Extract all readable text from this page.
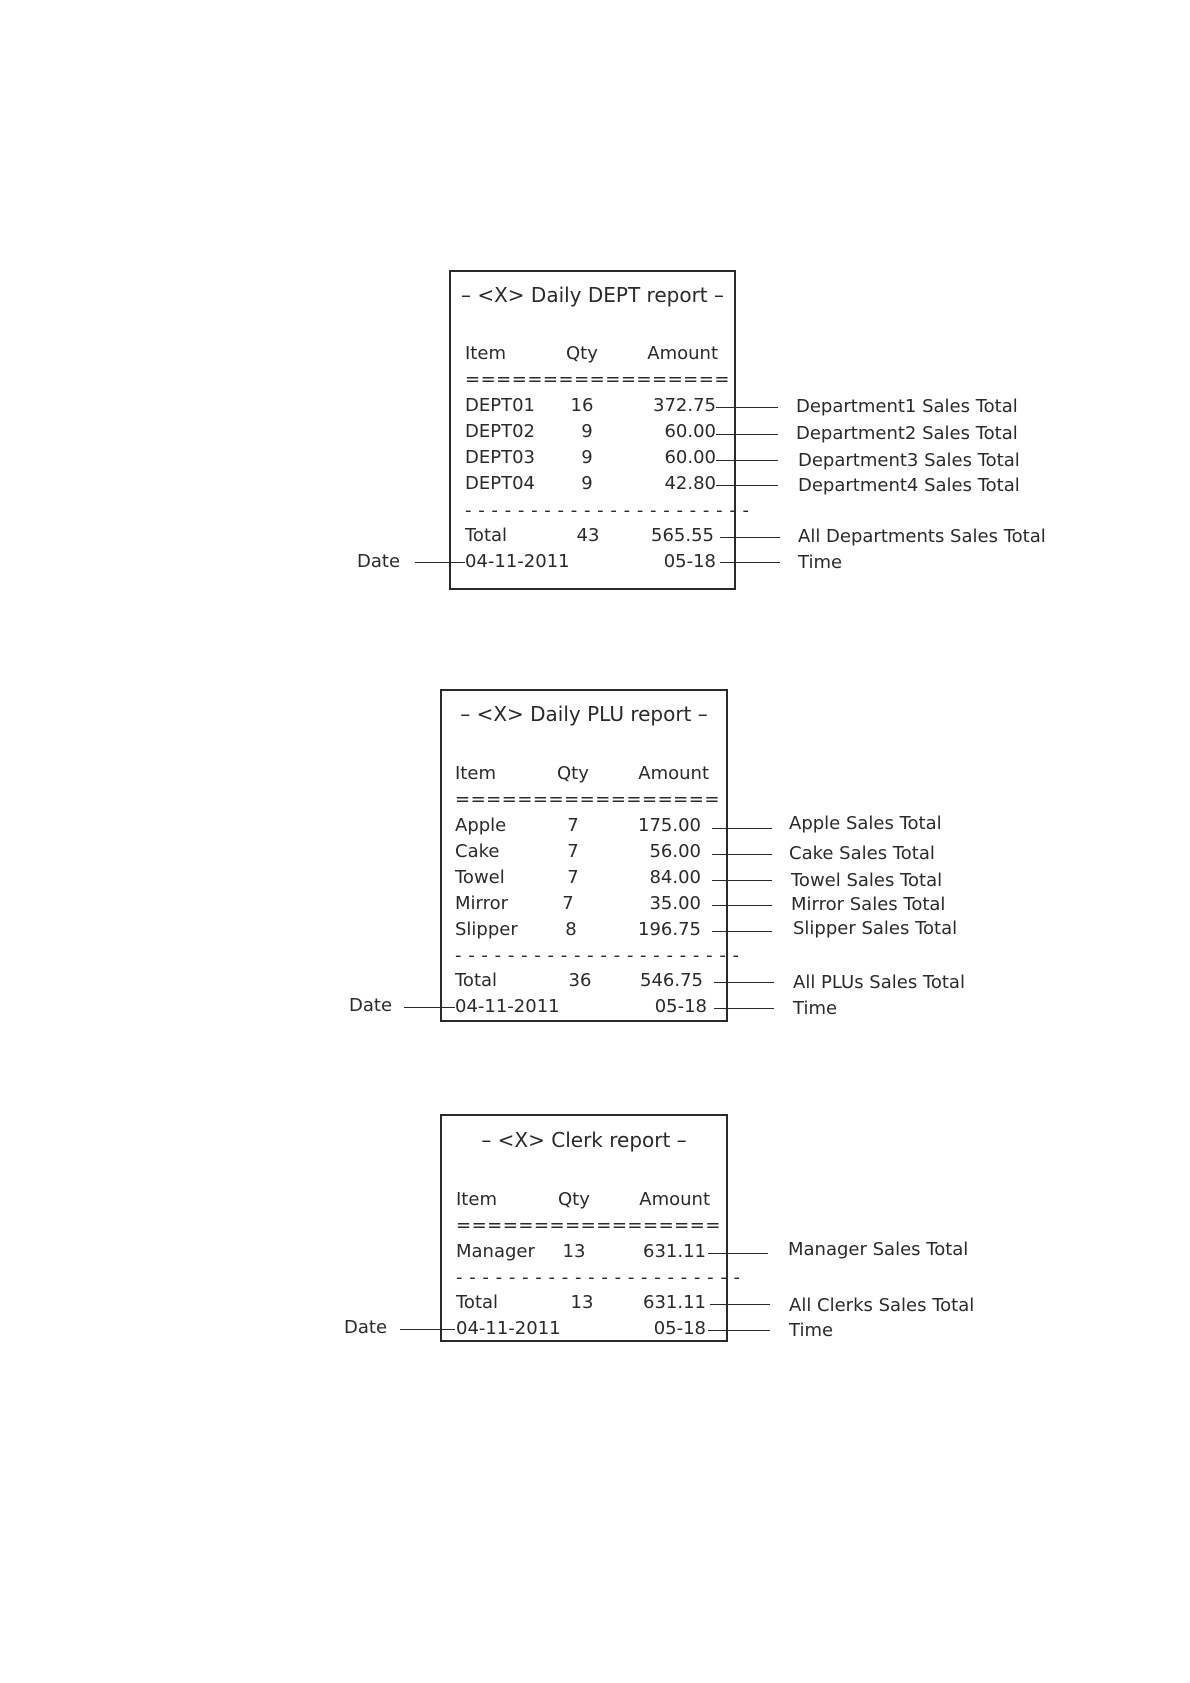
– <X> Daily DEPT report –
Item	Qty	Amount
=================
DEPT01	16	372.75
DEPT02	9	60.00
DEPT03	9	60.00
DEPT04	9	42.80
- - - - - - - - - - - - - - - - - - - - - -
Total	43	565.55
04-11-2011	05-18
Department1 Sales Total
Department2 Sales Total
Department3 Sales Total
Department4 Sales Total
All Departments Sales Total
Time
Date
– <X> Daily PLU report –
Item	Qty	Amount
=================
Apple	7	175.00
Cake	7	56.00
Towel	7	84.00
Mirror	7	35.00
Slipper	8	196.75
- - - - - - - - - - - - - - - - - - - - - -
Total	36	546.75
04-11-2011	05-18
Apple Sales Total
Cake Sales Total
Towel Sales Total
Mirror Sales Total
Slipper Sales Total
All PLUs Sales Total
Time
Date
– <X> Clerk report –
Item	Qty	Amount
=================
Manager	13	631.11
- - - - - - - - - - - - - - - - - - - - - -
Total	13	631.11
04-11-2011	05-18
Manager Sales Total
All Clerks Sales Total
Time
Date
